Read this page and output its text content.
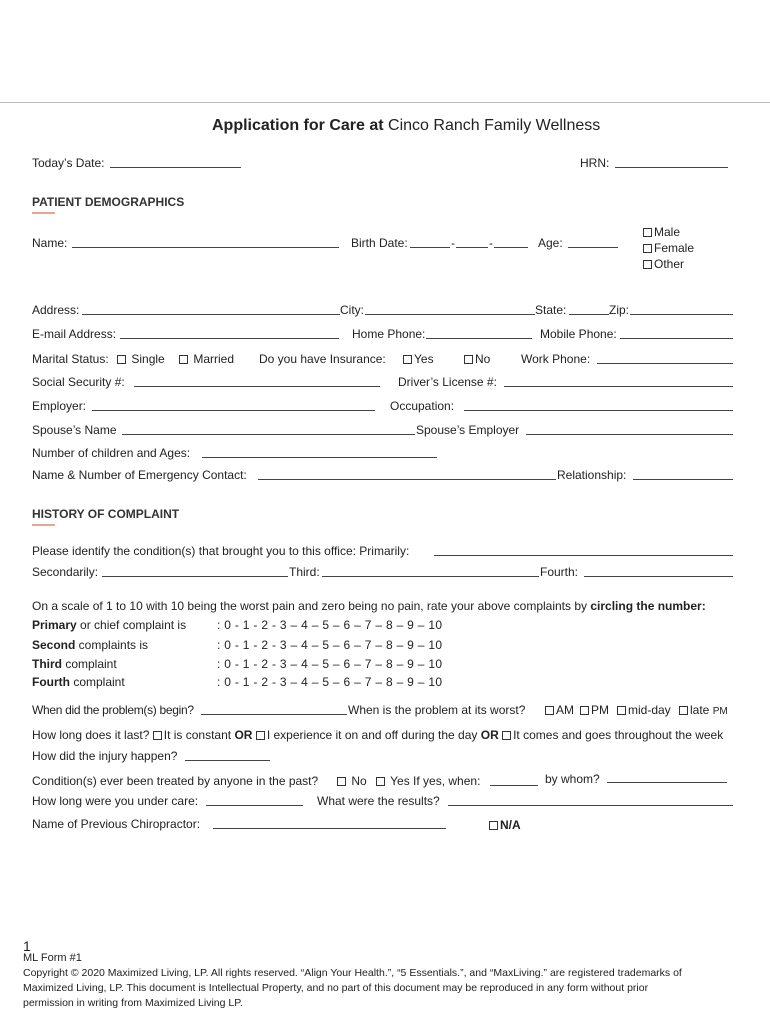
Application for Care at Cinco Ranch Family Wellness
Today’s Date:	HRN:
PATIENT DEMOGRAPHICS
Name:	Birth Date:	-	-	Age:
Male
Female
Other
Address:	City:	State:	Zip:
E-mail Address:	Home Phone:	Mobile Phone:
Marital Status:	Single	Married Do you have Insurance:	Yes	No	Work Phone:
Social Security #:	Driver’s License #:
Employer:	Occupation:
Spouse’s Name	Spouse’s Employer
Number of children and Ages:
Name & Number of Emergency Contact:	Relationship:
HISTORY OF COMPLAINT
Please identify the condition(s) that brought you to this office: Primarily:
Secondarily:	Third:	Fourth:
On a scale of 1 to 10 with 10 being the worst pain and zero being no pain, rate your above complaints by circling the number:
Primary or chief complaint is	: 0 - 1 - 2 - 3 – 4 – 5 – 6 – 7 – 8 – 9 – 10
Second complaints is	: 0 - 1 - 2 - 3 – 4 – 5 – 6 – 7 – 8 – 9 – 10
Third complaint	: 0 - 1 - 2 - 3 – 4 – 5 – 6 – 7 – 8 – 9 – 10
Fourth complaint	: 0 - 1 - 2 - 3 – 4 – 5 – 6 – 7 – 8 – 9 – 10
When did the problem(s) begin?	When is the problem at its worst?	AM	PM	mid-day	late PM
How long does it last? It is constant OR I experience it on and off during the day OR It comes and goes throughout the week
How did the injury happen?
Condition(s) ever been treated by anyone in the past?	No	Yes If yes, when:	by whom?
How long were you under care:	What were the results?
Name of Previous Chiropractor:	N/A
1
ML Form #1
Copyright © 2020 Maximized Living, LP. All rights reserved. “Align Your Health.”, “5 Essentials.”, and “MaxLiving.” are registered trademarks of
Maximized Living, LP. This document is Intellectual Property, and no part of this document may be reproduced in any form without prior
permission in writing from Maximized Living LP.
